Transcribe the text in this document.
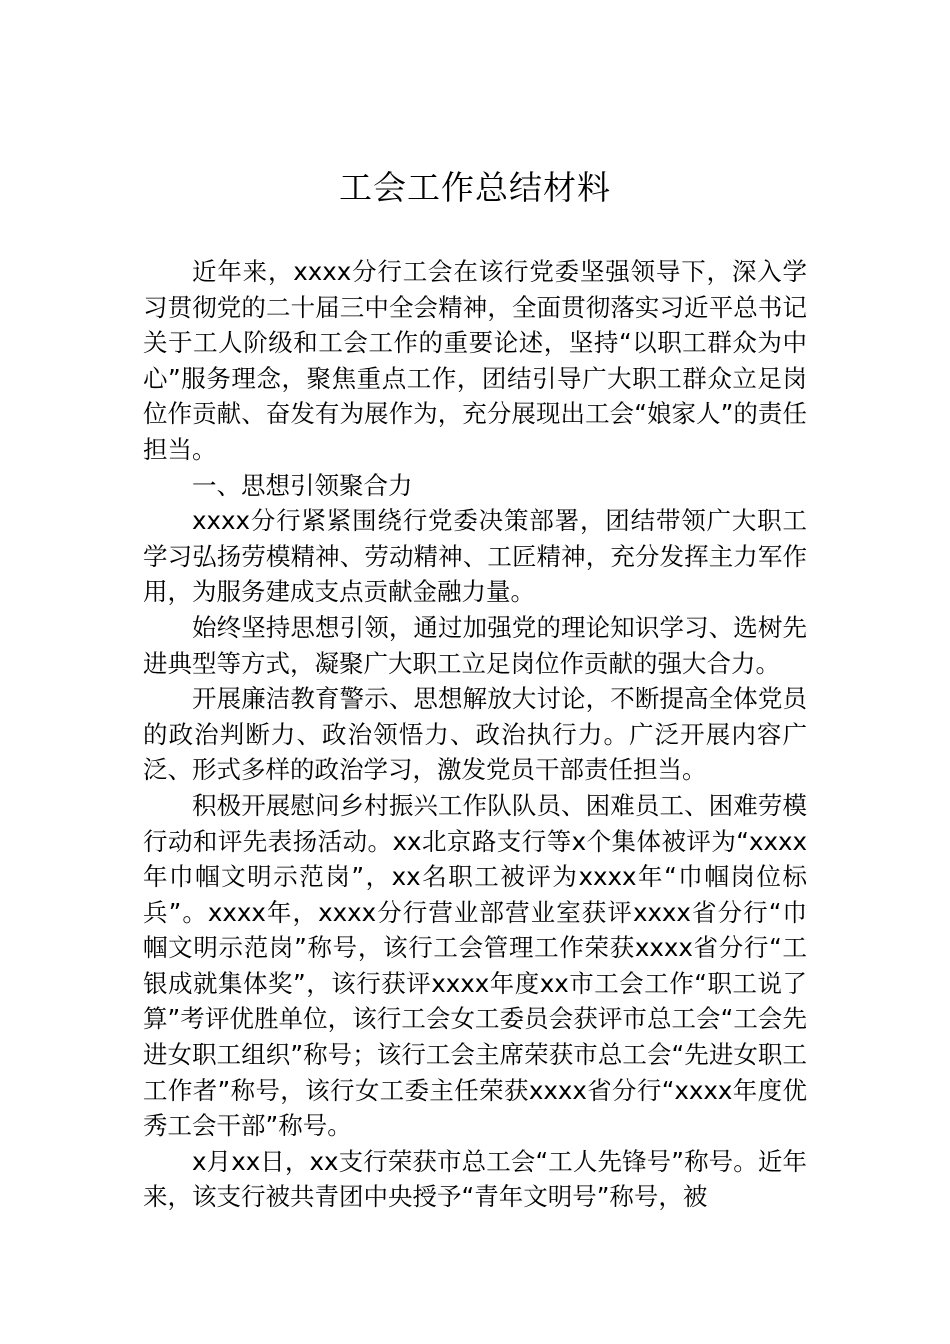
工会工作总结材料

近年来，xxxx分行工会在该行党委坚强领导下，深入学习贯彻党的二十届三中全会精神，全面贯彻落实习近平总书记关于工人阶级和工会工作的重要论述，坚持“以职工群众为中心”服务理念，聚焦重点工作，团结引导广大职工群众立足岗位作贡献、奋发有为展作为，充分展现出工会“娘家人”的责任担当。

一、思想引领聚合力

xxxx分行紧紧围绕行党委决策部署，团结带领广大职工学习弘扬劳模精神、劳动精神、工匠精神，充分发挥主力军作用，为服务建成支点贡献金融力量。

始终坚持思想引领，通过加强党的理论知识学习、选树先进典型等方式，凝聚广大职工立足岗位作贡献的强大合力。

开展廉洁教育警示、思想解放大讨论，不断提高全体党员的政治判断力、政治领悟力、政治执行力。广泛开展内容广泛、形式多样的政治学习，激发党员干部责任担当。

积极开展慰问乡村振兴工作队队员、困难员工、困难劳模行动和评先表扬活动。xx北京路支行等x个集体被评为“xxxx年巾帼文明示范岗”，xx名职工被评为xxxx年“巾帼岗位标兵”。xxxx年，xxxx分行营业部营业室获评xxxx省分行“巾帼文明示范岗”称号，该行工会管理工作荣获xxxx省分行“工银成就集体奖”，该行获评xxxx年度xx市工会工作“职工说了算”考评优胜单位，该行工会女工委员会获评市总工会“工会先进女职工组织”称号；该行工会主席荣获市总工会“先进女职工工作者”称号，该行女工委主任荣获xxxx省分行“xxxx年度优秀工会干部”称号。

x月xx日，xx支行荣获市总工会“工人先锋号”称号。近年来，该支行被共青团中央授予“青年文明号”称号，被
